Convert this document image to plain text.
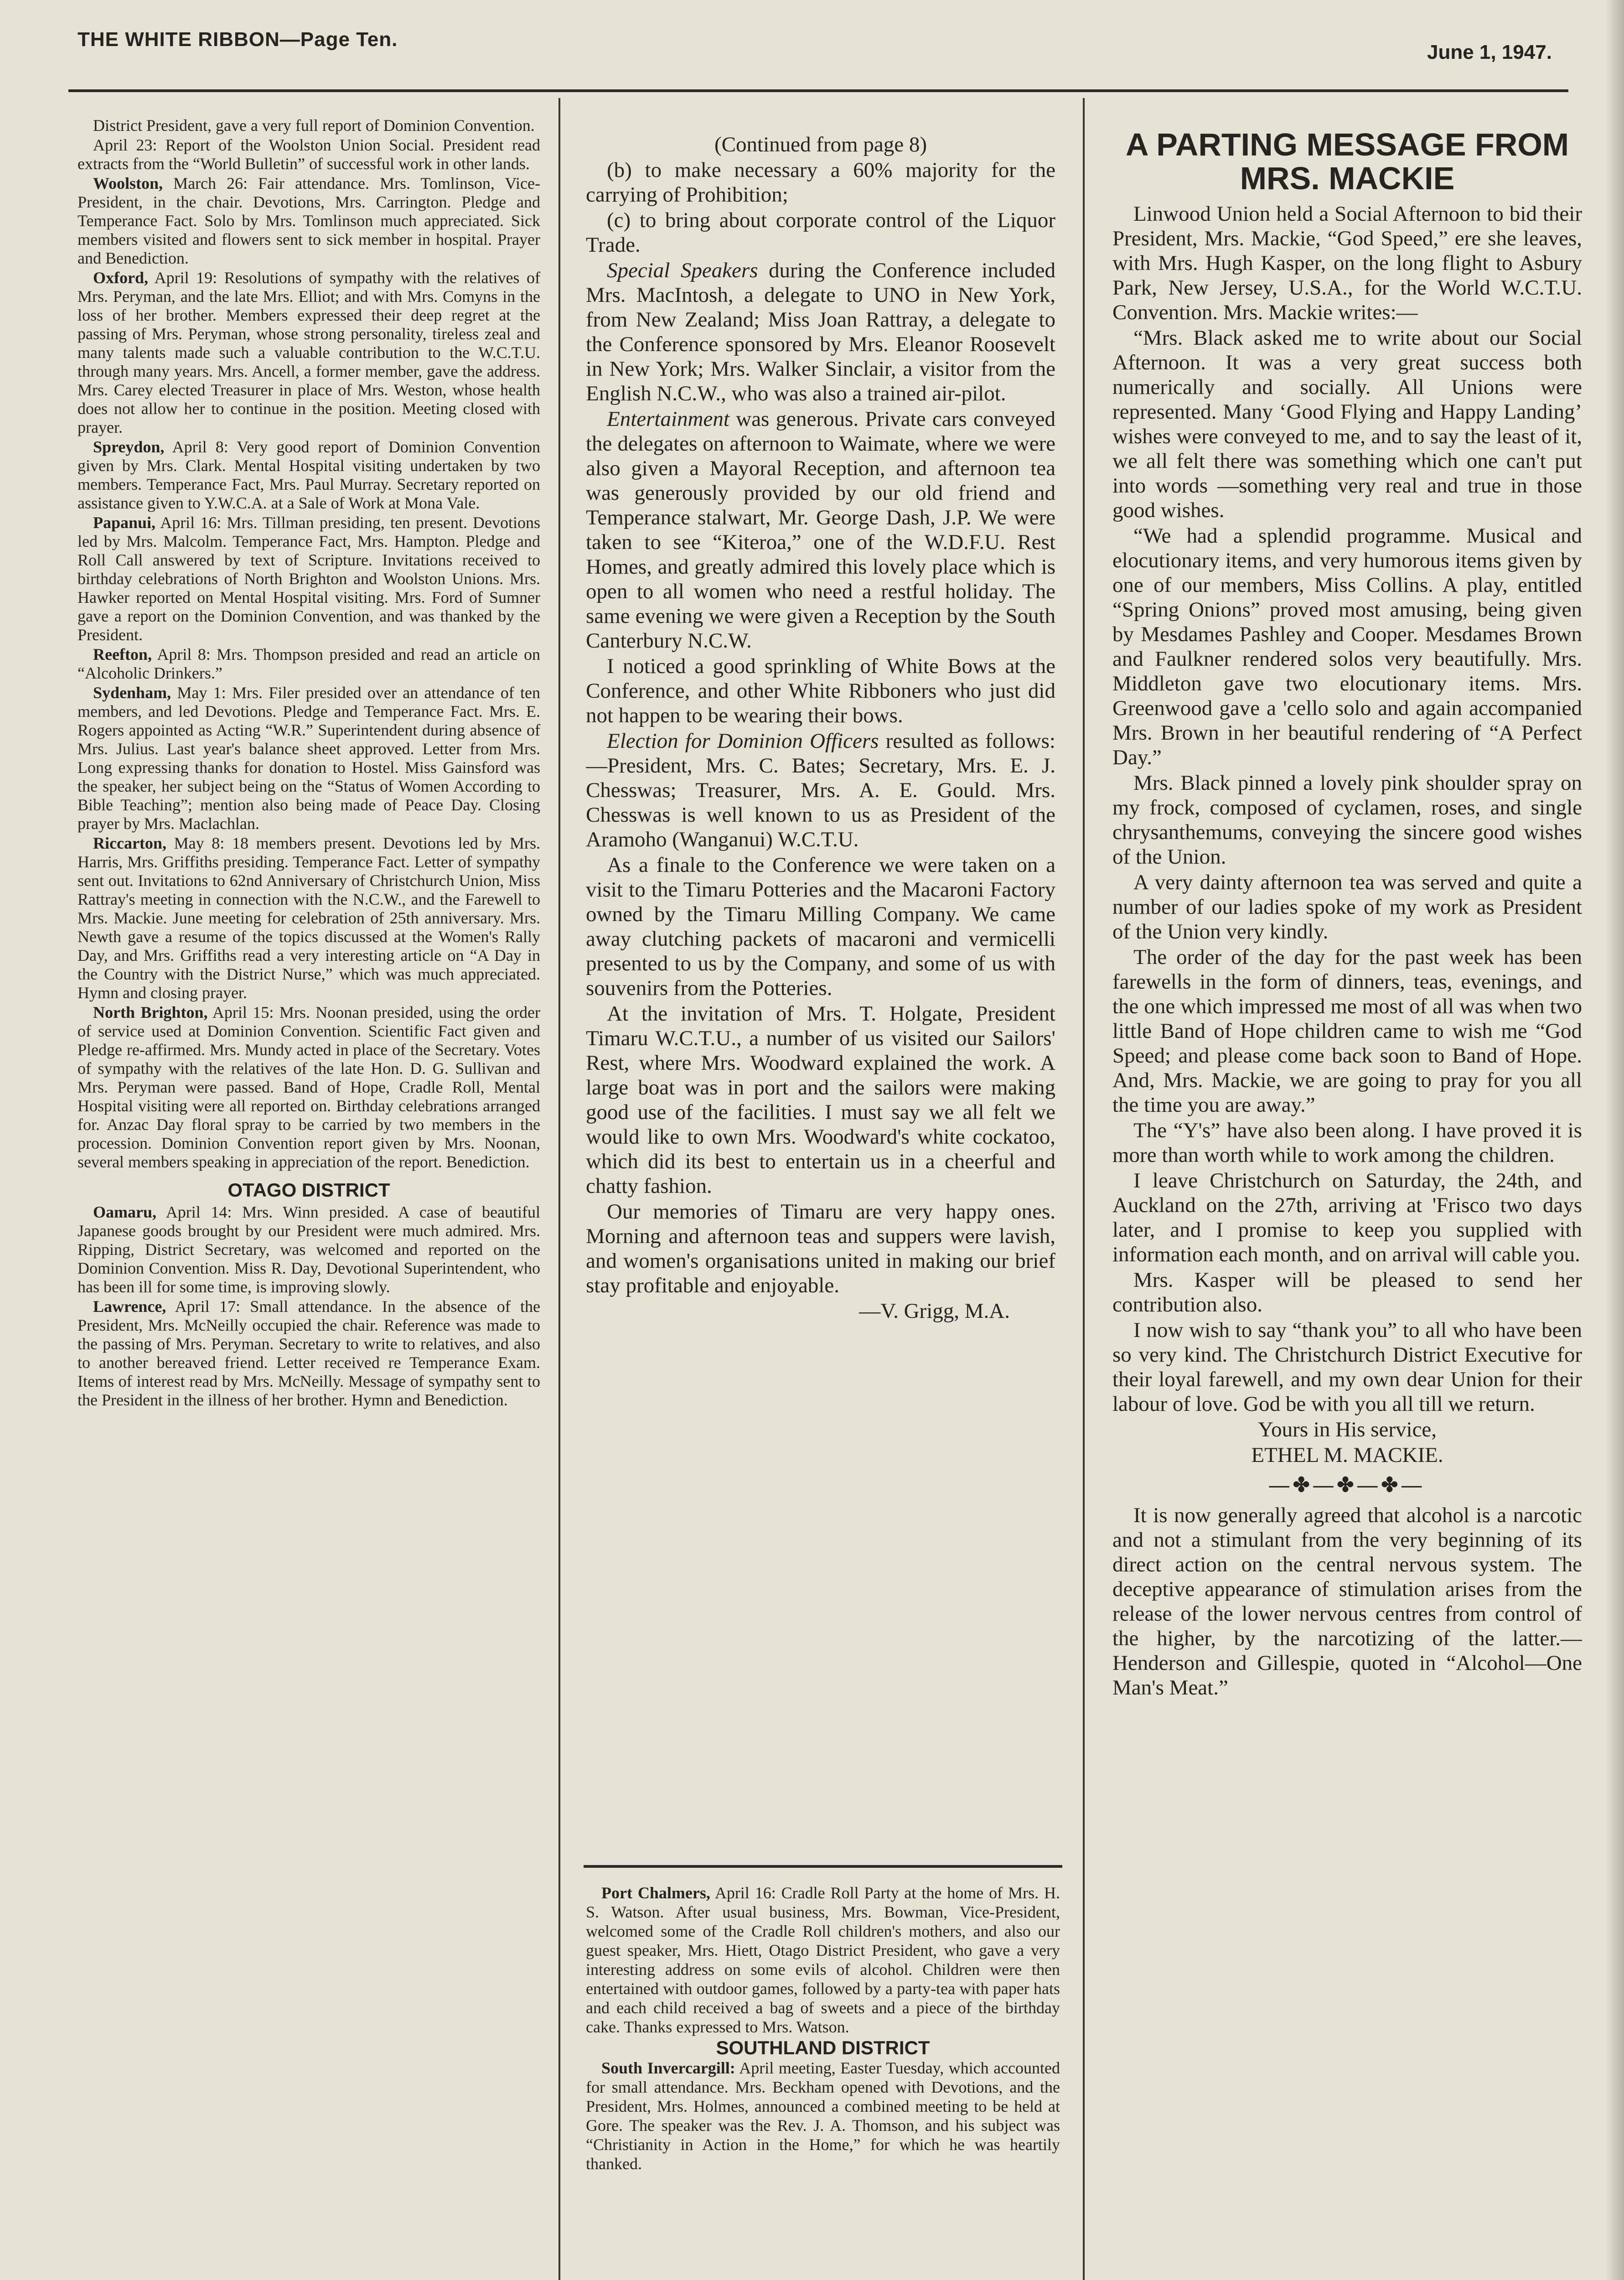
THE WHITE RIBBON—Page Ten.
June 1, 1947.

District President, gave a very full report of Dominion Convention.

April 23: Report of the Woolston Union Social. President read extracts from the “World Bulletin” of successful work in other lands.

Woolston, March 26: Fair attendance. Mrs. Tomlinson, Vice-President, in the chair. Devotions, Mrs. Carrington. Pledge and Temperance Fact. Solo by Mrs. Tomlinson much appreciated. Sick members visited and flowers sent to sick member in hospital. Prayer and Benediction.

Oxford, April 19: Resolutions of sympathy with the relatives of Mrs. Peryman, and the late Mrs. Elliot; and with Mrs. Comyns in the loss of her brother. Members expressed their deep regret at the passing of Mrs. Peryman, whose strong personality, tireless zeal and many talents made such a valuable contribution to the W.C.T.U. through many years. Mrs. Ancell, a former member, gave the address. Mrs. Carey elected Treasurer in place of Mrs. Weston, whose health does not allow her to continue in the position. Meeting closed with prayer.

Spreydon, April 8: Very good report of Dominion Convention given by Mrs. Clark. Mental Hospital visiting undertaken by two members. Temperance Fact, Mrs. Paul Murray. Secretary reported on assistance given to Y.W.C.A. at a Sale of Work at Mona Vale.

Papanui, April 16: Mrs. Tillman presiding, ten present. Devotions led by Mrs. Malcolm. Temperance Fact, Mrs. Hampton. Pledge and Roll Call answered by text of Scripture. Invitations received to birthday celebrations of North Brighton and Woolston Unions. Mrs. Hawker reported on Mental Hospital visiting. Mrs. Ford of Sumner gave a report on the Dominion Convention, and was thanked by the President.

Reefton, April 8: Mrs. Thompson presided and read an article on “Alcoholic Drinkers.”

Sydenham, May 1: Mrs. Filer presided over an attendance of ten members, and led Devotions. Pledge and Temperance Fact. Mrs. E. Rogers appointed as Acting “W.R.” Superintendent during absence of Mrs. Julius. Last year's balance sheet approved. Letter from Mrs. Long expressing thanks for donation to Hostel. Miss Gainsford was the speaker, her subject being on the “Status of Women According to Bible Teaching”; mention also being made of Peace Day. Closing prayer by Mrs. Maclachlan.

Riccarton, May 8: 18 members present. Devotions led by Mrs. Harris, Mrs. Griffiths presiding. Temperance Fact. Letter of sympathy sent out. Invitations to 62nd Anniversary of Christchurch Union, Miss Rattray's meeting in connection with the N.C.W., and the Farewell to Mrs. Mackie. June meeting for celebration of 25th anniversary. Mrs. Newth gave a resume of the topics discussed at the Women's Rally Day, and Mrs. Griffiths read a very interesting article on “A Day in the Country with the District Nurse,” which was much appreciated. Hymn and closing prayer.

North Brighton, April 15: Mrs. Noonan presided, using the order of service used at Dominion Convention. Scientific Fact given and Pledge re-affirmed. Mrs. Mundy acted in place of the Secretary. Votes of sympathy with the relatives of the late Hon. D. G. Sullivan and Mrs. Peryman were passed. Band of Hope, Cradle Roll, Mental Hospital visiting were all reported on. Birthday celebrations arranged for. Anzac Day floral spray to be carried by two members in the procession. Dominion Convention report given by Mrs. Noonan, several members speaking in appreciation of the report. Benediction.

OTAGO DISTRICT

Oamaru, April 14: Mrs. Winn presided. A case of beautiful Japanese goods brought by our President were much admired. Mrs. Ripping, District Secretary, was welcomed and reported on the Dominion Convention. Miss R. Day, Devotional Superintendent, who has been ill for some time, is improving slowly.

Lawrence, April 17: Small attendance. In the absence of the President, Mrs. McNeilly occupied the chair. Reference was made to the passing of Mrs. Peryman. Secretary to write to relatives, and also to another bereaved friend. Letter received re Temperance Exam. Items of interest read by Mrs. McNeilly. Message of sympathy sent to the President in the illness of her brother. Hymn and Benediction.

(Continued from page 8)

(b) to make necessary a 60% majority for the carrying of Prohibition;

(c) to bring about corporate control of the Liquor Trade.

Special Speakers during the Conference included Mrs. MacIntosh, a delegate to UNO in New York, from New Zealand; Miss Joan Rattray, a delegate to the Conference sponsored by Mrs. Eleanor Roosevelt in New York; Mrs. Walker Sinclair, a visitor from the English N.C.W., who was also a trained air-pilot.

Entertainment was generous. Private cars conveyed the delegates on afternoon to Waimate, where we were also given a Mayoral Reception, and afternoon tea was generously provided by our old friend and Temperance stalwart, Mr. George Dash, J.P. We were taken to see “Kiteroa,” one of the W.D.F.U. Rest Homes, and greatly admired this lovely place which is open to all women who need a restful holiday. The same evening we were given a Reception by the South Canterbury N.C.W.

I noticed a good sprinkling of White Bows at the Conference, and other White Ribboners who just did not happen to be wearing their bows.

Election for Dominion Officers resulted as follows:—President, Mrs. C. Bates; Secretary, Mrs. E. J. Chesswas; Treasurer, Mrs. A. E. Gould. Mrs. Chesswas is well known to us as President of the Aramoho (Wanganui) W.C.T.U.

As a finale to the Conference we were taken on a visit to the Timaru Potteries and the Macaroni Factory owned by the Timaru Milling Company. We came away clutching packets of macaroni and vermicelli presented to us by the Company, and some of us with souvenirs from the Potteries.

At the invitation of Mrs. T. Holgate, President Timaru W.C.T.U., a number of us visited our Sailors' Rest, where Mrs. Woodward explained the work. A large boat was in port and the sailors were making good use of the facilities. I must say we all felt we would like to own Mrs. Woodward's white cockatoo, which did its best to entertain us in a cheerful and chatty fashion.

Our memories of Timaru are very happy ones. Morning and afternoon teas and suppers were lavish, and women's organisations united in making our brief stay profitable and enjoyable.

—V. Grigg, M.A.

Port Chalmers, April 16: Cradle Roll Party at the home of Mrs. H. S. Watson. After usual business, Mrs. Bowman, Vice-President, welcomed some of the Cradle Roll children's mothers, and also our guest speaker, Mrs. Hiett, Otago District President, who gave a very interesting address on some evils of alcohol. Children were then entertained with outdoor games, followed by a party-tea with paper hats and each child received a bag of sweets and a piece of the birthday cake. Thanks expressed to Mrs. Watson.

SOUTHLAND DISTRICT

South Invercargill: April meeting, Easter Tuesday, which accounted for small attendance. Mrs. Beckham opened with Devotions, and the President, Mrs. Holmes, announced a combined meeting to be held at Gore. The speaker was the Rev. J. A. Thomson, and his subject was “Christianity in Action in the Home,” for which he was heartily thanked.

A PARTING MESSAGE FROM MRS. MACKIE

Linwood Union held a Social Afternoon to bid their President, Mrs. Mackie, “God Speed,” ere she leaves, with Mrs. Hugh Kasper, on the long flight to Asbury Park, New Jersey, U.S.A., for the World W.C.T.U. Convention. Mrs. Mackie writes:—

“Mrs. Black asked me to write about our Social Afternoon. It was a very great success both numerically and socially. All Unions were represented. Many ‘Good Flying and Happy Landing’ wishes were conveyed to me, and to say the least of it, we all felt there was something which one can't put into words —something very real and true in those good wishes.

“We had a splendid programme. Musical and elocutionary items, and very humorous items given by one of our members, Miss Collins. A play, entitled “Spring Onions” proved most amusing, being given by Mesdames Pashley and Cooper. Mesdames Brown and Faulkner rendered solos very beautifully. Mrs. Middleton gave two elocutionary items. Mrs. Greenwood gave a 'cello solo and again accompanied Mrs. Brown in her beautiful rendering of “A Perfect Day.”

Mrs. Black pinned a lovely pink shoulder spray on my frock, composed of cyclamen, roses, and single chrysanthemums, conveying the sincere good wishes of the Union.

A very dainty afternoon tea was served and quite a number of our ladies spoke of my work as President of the Union very kindly.

The order of the day for the past week has been farewells in the form of dinners, teas, evenings, and the one which impressed me most of all was when two little Band of Hope children came to wish me “God Speed; and please come back soon to Band of Hope. And, Mrs. Mackie, we are going to pray for you all the time you are away.”

The “Y's” have also been along. I have proved it is more than worth while to work among the children.

I leave Christchurch on Saturday, the 24th, and Auckland on the 27th, arriving at 'Frisco two days later, and I promise to keep you supplied with information each month, and on arrival will cable you.

Mrs. Kasper will be pleased to send her contribution also.

I now wish to say “thank you” to all who have been so very kind. The Christchurch District Executive for their loyal farewell, and my own dear Union for their labour of love. God be with you all till we return.

Yours in His service,

ETHEL M. MACKIE.

—✤—✤—✤—

It is now generally agreed that alcohol is a narcotic and not a stimulant from the very beginning of its direct action on the central nervous system. The deceptive appearance of stimulation arises from the release of the lower nervous centres from control of the higher, by the narcotizing of the latter.—Henderson and Gillespie, quoted in “Alcohol—One Man's Meat.”
